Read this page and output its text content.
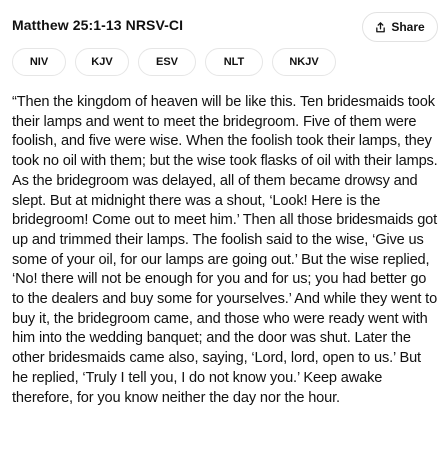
Matthew 25:1-13 NRSV-CI	Share
NIV	KJV	ESV	NLT	NKJV

“Then the kingdom of heaven will be like this. Ten bridesmaids took their lamps and went to meet the bridegroom. Five of them were foolish, and five were wise. When the foolish took their lamps, they took no oil with them; but the wise took flasks of oil with their lamps. As the bridegroom was delayed, all of them became drowsy and slept. But at midnight there was a shout, ‘Look! Here is the bridegroom! Come out to meet him.’ Then all those bridesmaids got up and trimmed their lamps. The foolish said to the wise, ‘Give us some of your oil, for our lamps are going out.’ But the wise replied, ‘No! there will not be enough for you and for us; you had better go to the dealers and buy some for yourselves.’ And while they went to buy it, the bridegroom came, and those who were ready went with him into the wedding banquet; and the door was shut. Later the other bridesmaids came also, saying, ‘Lord, lord, open to us.’ But he replied, ‘Truly I tell you, I do not know you.’ Keep awake therefore, for you know neither the day nor the hour.
